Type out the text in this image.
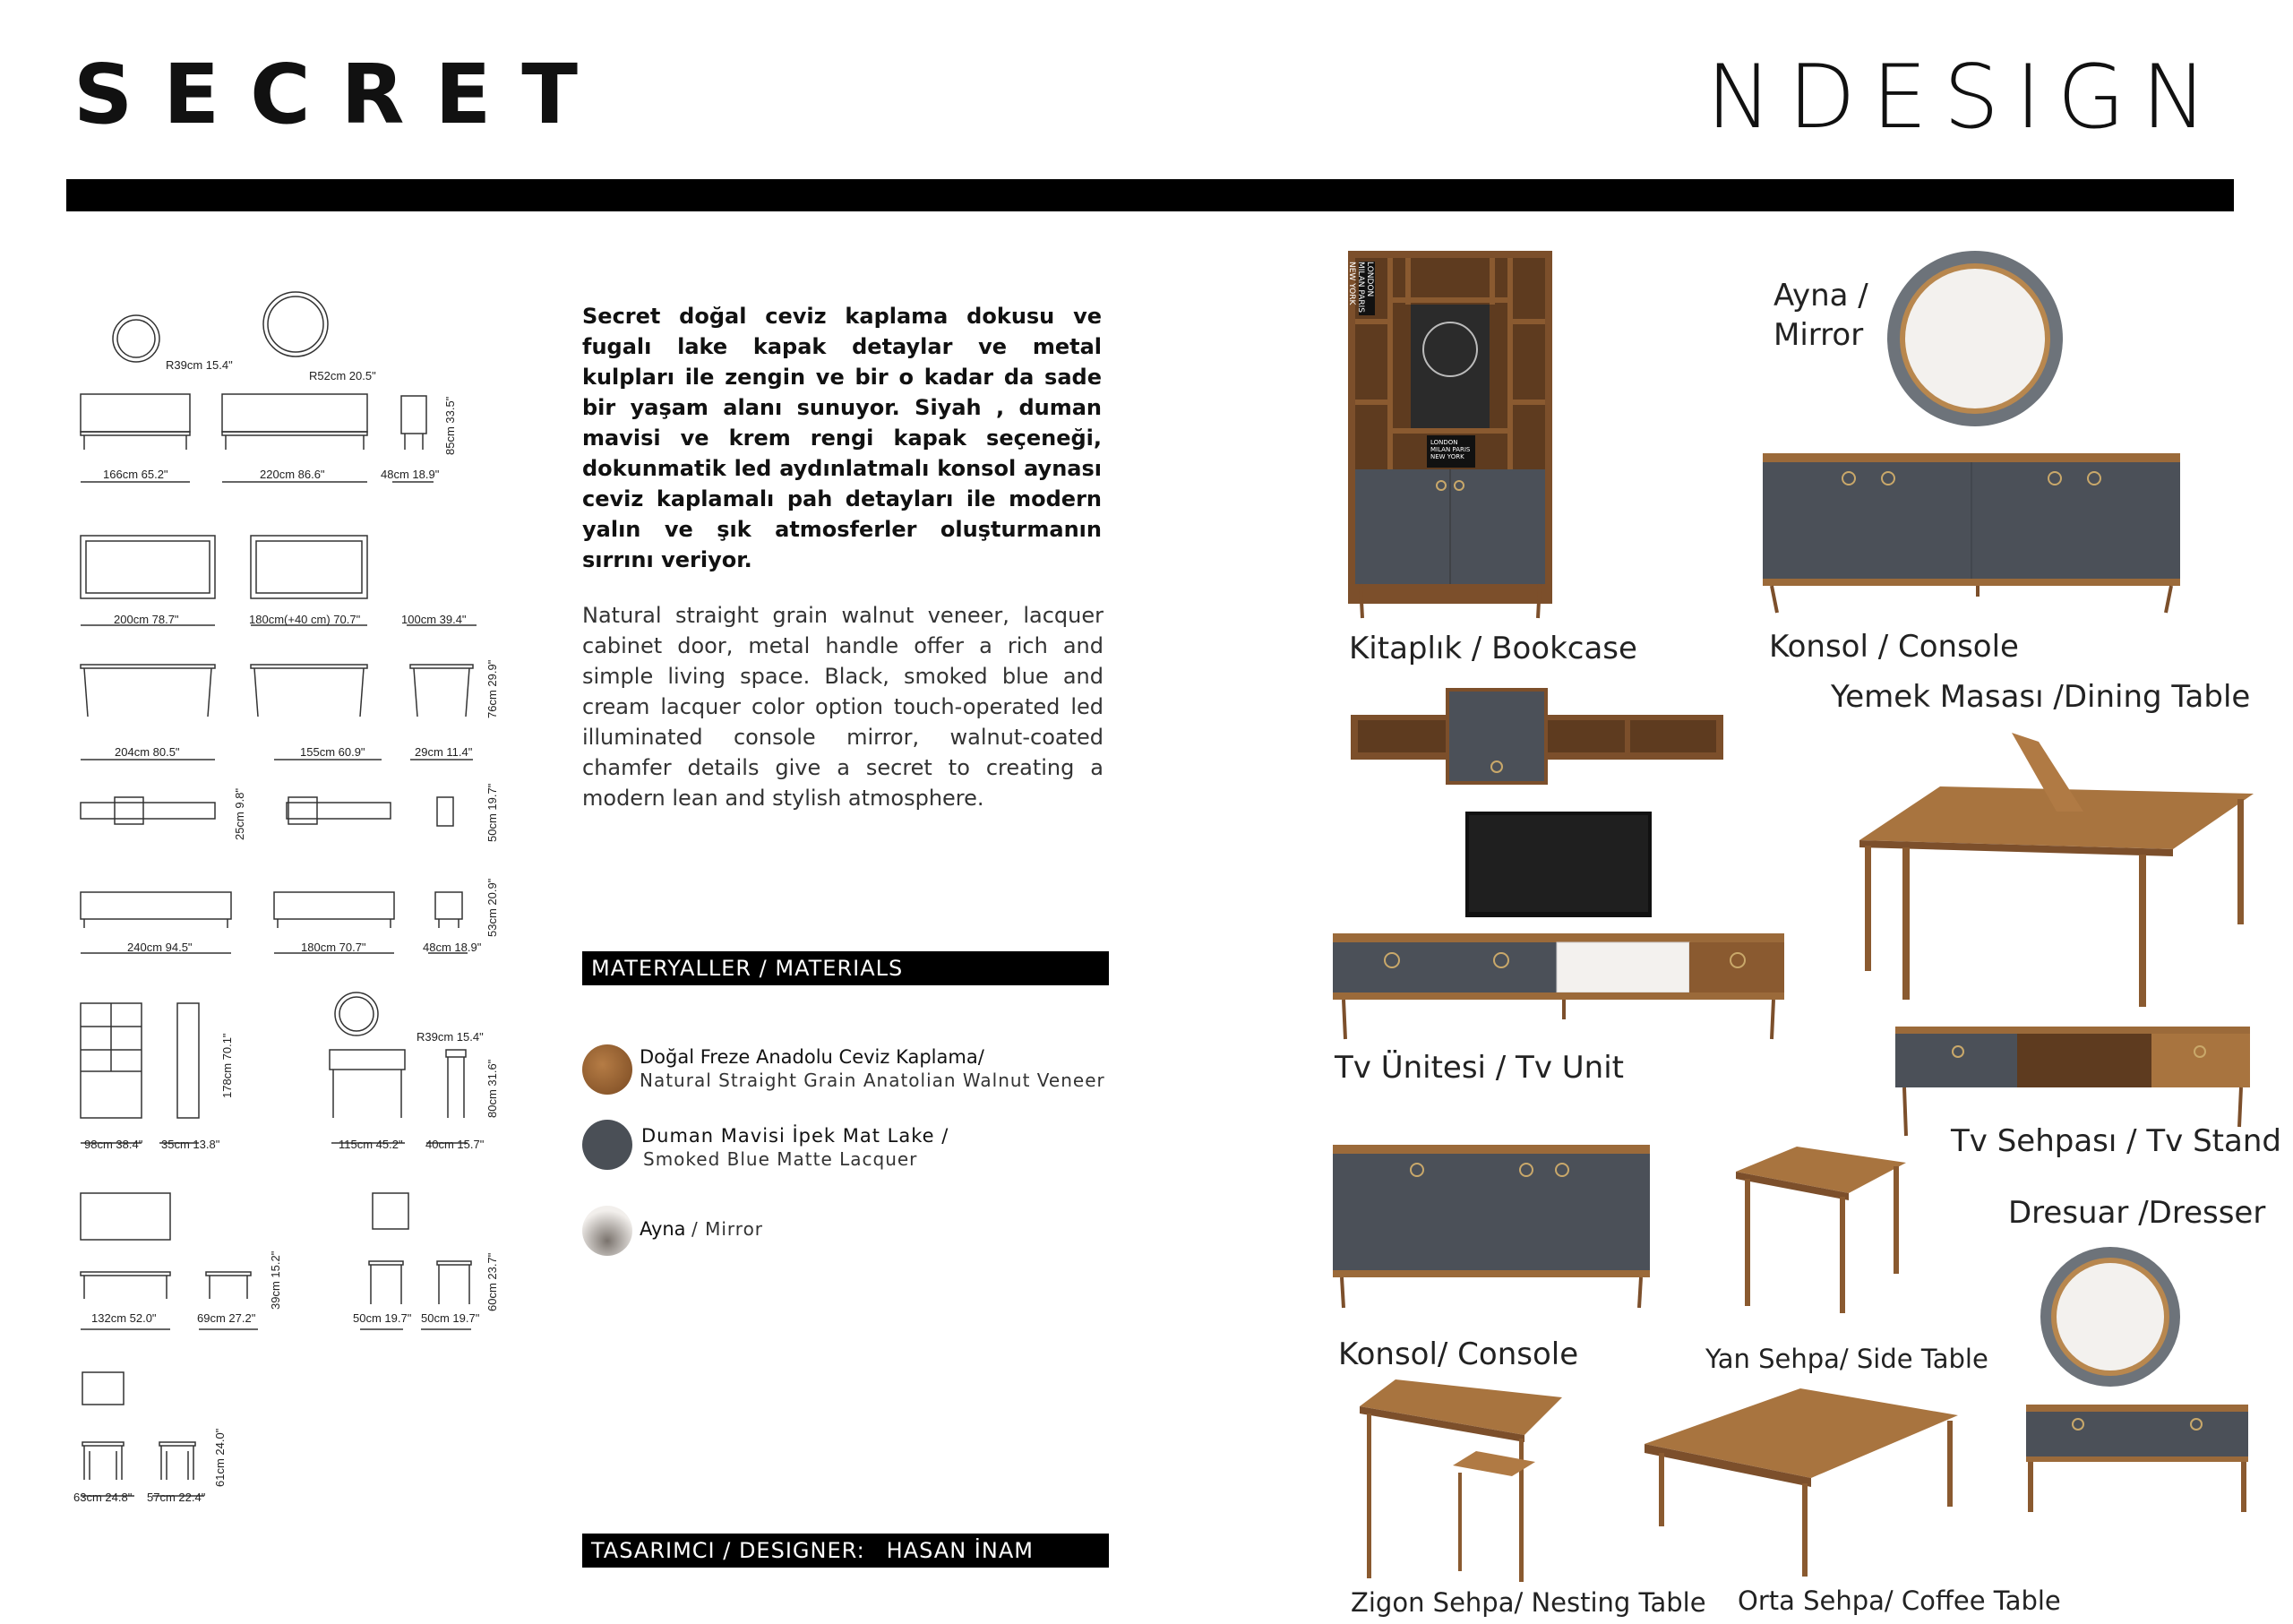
SECRET	NDESIGN
R39cm 15.4"
R52cm 20.5"
166cm 65.2"	220cm 86.6"	48cm 18.9"
85cm 33.5"
200cm 78.7"	180cm(+40 cm) 70.7"	100cm 39.4"
76cm 29.9"
204cm 80.5"	155cm 60.9"	29cm 11.4"
25cm 9.8"	50cm 19.7"
240cm 94.5"	180cm 70.7"	48cm 18.9"
53cm 20.9"
98cm 38.4" 35cm 13.8"
178cm 70.1"	R39cm 15.4"
115cm 45.2" 40cm 15.7"
80cm 31.6"
132cm 52.0"	69cm 27.2"
39cm 15.2"
50cm 19.7" 50cm 19.7"
60cm 23.7"
63cm 24.8" 57cm 22.4"
61cm 24.0"
Secret doğal ceviz kaplama dokusu ve fugalı lake kapak detaylar ve metal kulpları ile zengin ve bir o kadar da sade bir yaşam alanı sunuyor. Siyah , duman mavisi ve krem rengi kapak seçeneği, dokunmatik led aydınlatmalı konsol aynası ceviz kaplamalı pah detayları ile modern yalın ve şık atmosferler oluşturmanın sırrını veriyor.
Natural straight grain walnut veneer, lacquer cabinet door, metal handle offer a rich and simple living space. Black, smoked blue and cream lacquer color option touch-operated led illuminated console mirror, walnut-coated chamfer details give a secret to creating a modern lean and stylish atmosphere.
MATERYALLER / MATERIALS
Doğal Freze Anadolu Ceviz Kaplama/
Natural Straight Grain Anatolian Walnut Veneer
Duman Mavisi İpek Mat Lake /
Smoked Blue Matte Lacquer
Ayna / Mirror
TASARIMCI / DESIGNER: HASAN İNAM
LONDON MILAN PARIS NEW YORK
LONDON MILAN PARIS NEW YORK
Kitaplık / Bookcase
Ayna /
Mirror
Konsol / Console
Yemek Masası /Dining Table
Tv Ünitesi / Tv Unit
Tv Sehpası / Tv Stand
Dresuar /Dresser
Konsol/ Console	Yan Sehpa/ Side Table
Zigon Sehpa/ Nesting Table Orta Sehpa/ Coffee Table
